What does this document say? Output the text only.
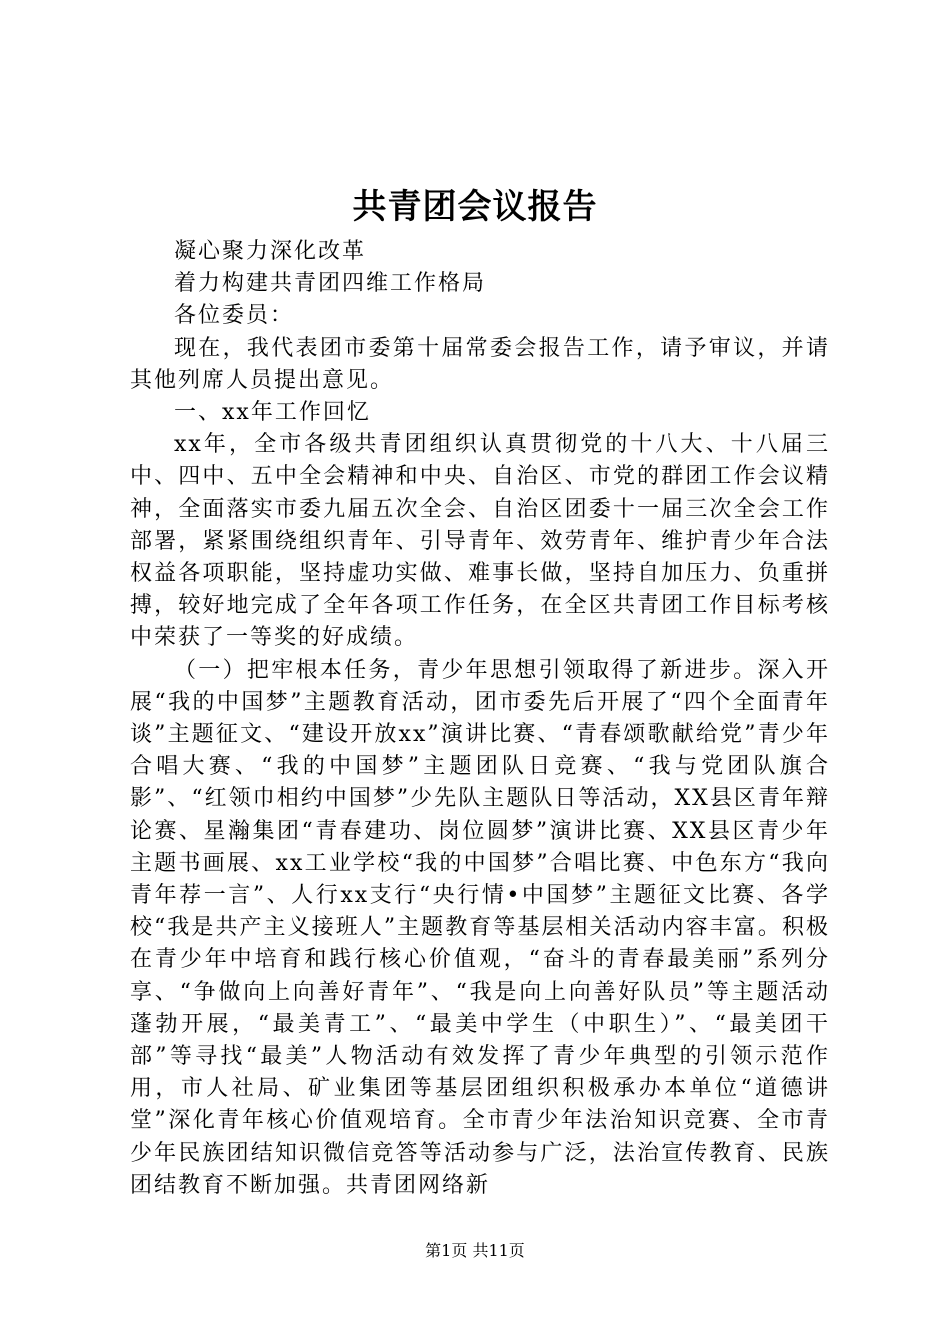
共青团会议报告

凝心聚力深化改革

着力构建共青团四维工作格局

各位委员：

现在，我代表团市委第十届常委会报告工作，请予审议，并请其他列席人员提出意见。

一、xx年工作回忆

xx年，全市各级共青团组织认真贯彻党的十八大、十八届三中、四中、五中全会精神和中央、自治区、市党的群团工作会议精神，全面落实市委九届五次全会、自治区团委十一届三次全会工作部署，紧紧围绕组织青年、引导青年、效劳青年、维护青少年合法权益各项职能，坚持虚功实做、难事长做，坚持自加压力、负重拼搏，较好地完成了全年各项工作任务，在全区共青团工作目标考核中荣获了一等奖的好成绩。

（一）把牢根本任务，青少年思想引领取得了新进步。深入开展“我的中国梦”主题教育活动，团市委先后开展了“四个全面青年谈”主题征文、“建设开放xx”演讲比赛、“青春颂歌献给党”青少年合唱大赛、“我的中国梦”主题团队日竞赛、“我与党团队旗合影”、“红领巾相约中国梦”少先队主题队日等活动，XX县区青年辩论赛、星瀚集团“青春建功、岗位圆梦”演讲比赛、XX县区青少年主题书画展、xx工业学校“我的中国梦”合唱比赛、中色东方“我向青年荐一言”、人行xx支行“央行情•中国梦”主题征文比赛、各学校“我是共产主义接班人”主题教育等基层相关活动内容丰富。积极在青少年中培育和践行核心价值观，“奋斗的青春最美丽”系列分享、“争做向上向善好青年”、“我是向上向善好队员”等主题活动蓬勃开展，“最美青工”、“最美中学生（中职生）”、“最美团干部”等寻找“最美”人物活动有效发挥了青少年典型的引领示范作用，市人社局、矿业集团等基层团组织积极承办本单位“道德讲堂”深化青年核心价值观培育。全市青少年法治知识竞赛、全市青少年民族团结知识微信竞答等活动参与广泛，法治宣传教育、民族团结教育不断加强。共青团网络新

第1页 共11页
